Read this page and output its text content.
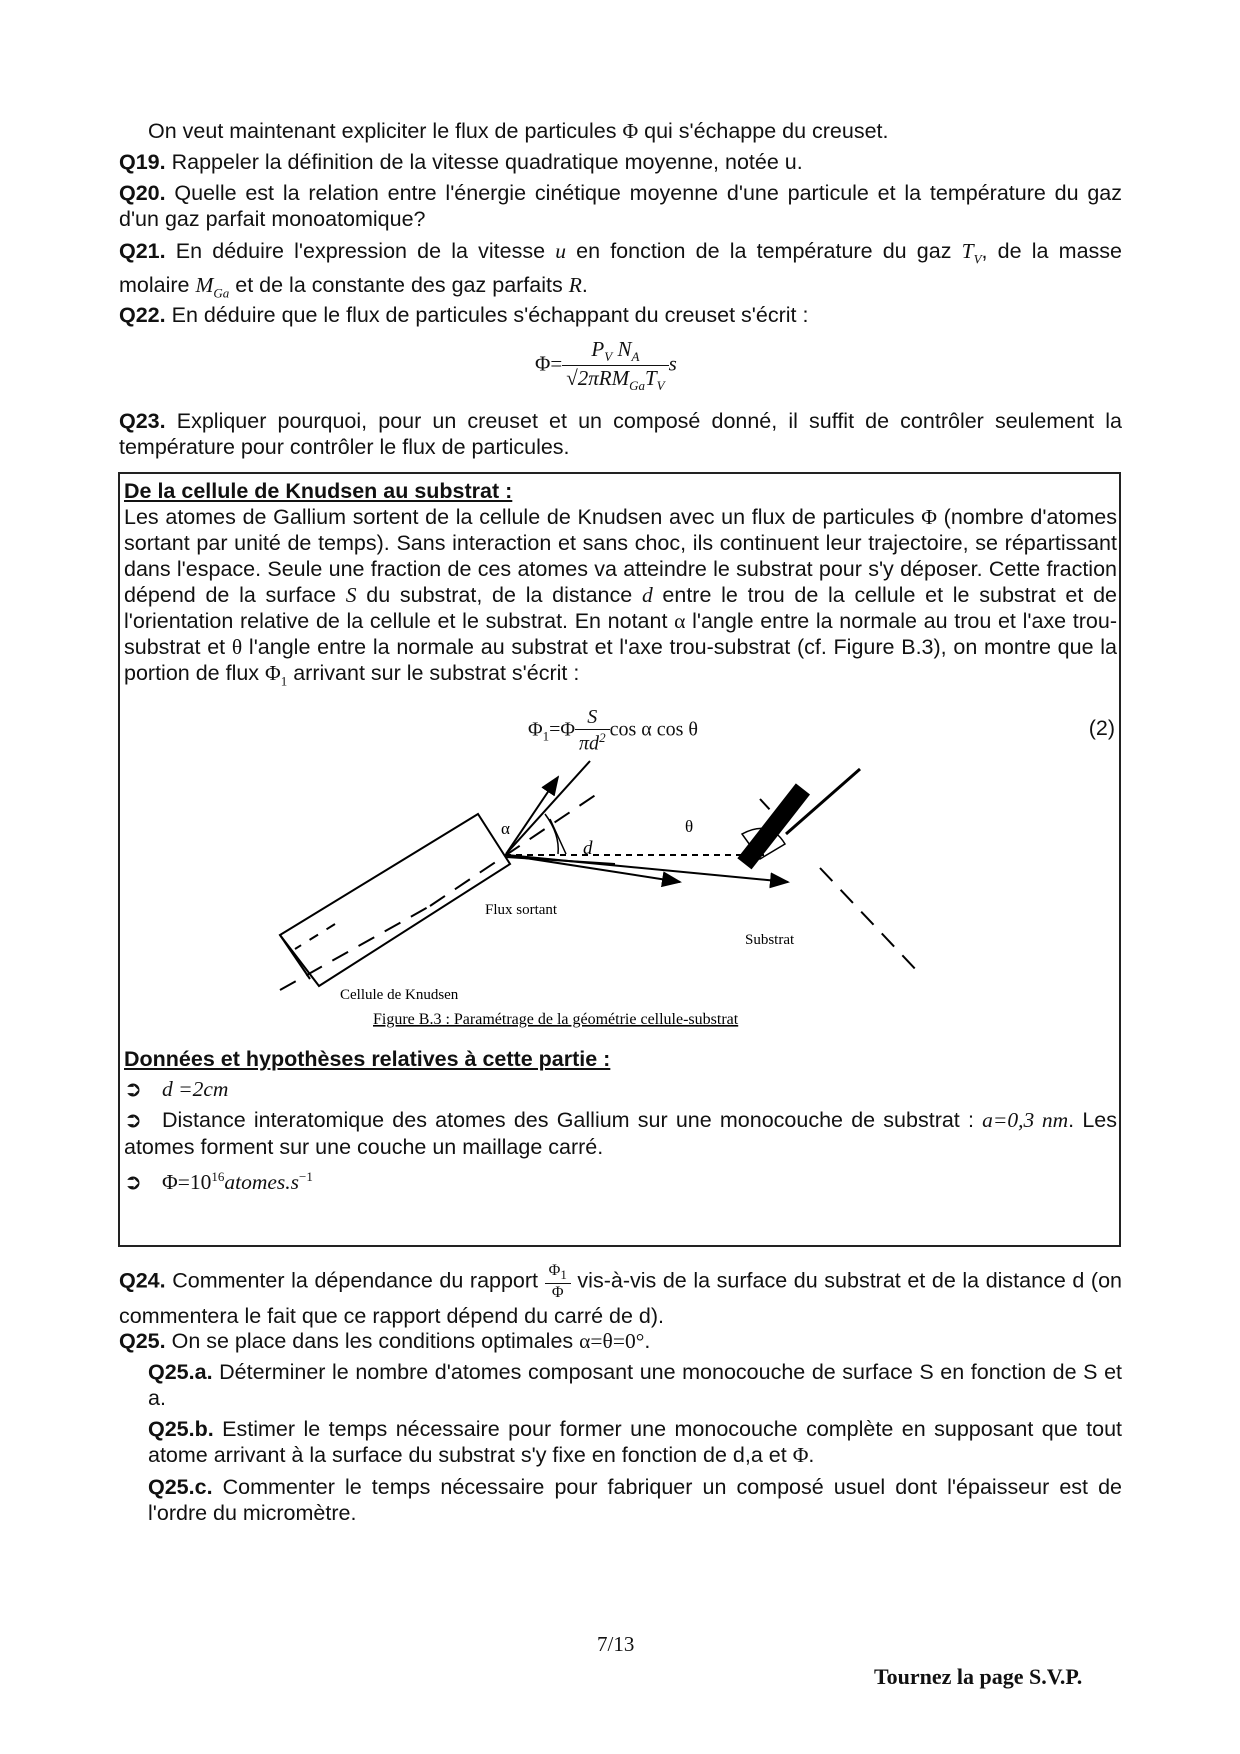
On veut maintenant expliciter le flux de particules Φ qui s'échappe du creuset.
Q19. Rappeler la définition de la vitesse quadratique moyenne, notée u.
Q20. Quelle est la relation entre l'énergie cinétique moyenne d'une particule et la température du gaz d'un gaz parfait monoatomique?
Q21. En déduire l'expression de la vitesse u en fonction de la température du gaz $T_V$, de la masse molaire $M_{Ga}$ et de la constante des gaz parfaits R.
Q22. En déduire que le flux de particules s'échappant du creuset s'écrit :
$\Phi= \frac{P_V N_A}{√2\pi RM_{Ga}T_V}$ s
Q23. Expliquer pourquoi, pour un creuset et un composé donné, il suffit de contrôler seulement la température pour contrôler le flux de particules.
De la cellule de Knudsen au substrat :
Les atomes de Gallium sortent de la cellule de Knudsen avec un flux de particules Φ (nombre d'atomes sortant par unité de temps). Sans interaction et sans choc, ils continuent leur trajectoire, se répartissant dans l'espace. Seule une fraction de ces atomes va atteindre le substrat pour s'y déposer. Cette fraction dépend de la surface S du substrat, de la distance d entre le trou de la cellule et le substrat et de l'orientation relative de la cellule et le substrat. En notant α l'angle entre la normale au trou et l'axe trou-substrat et θ l'angle entre la normale au substrat et l'axe trou-substrat (cf. Figure B.3), on montre que la portion de flux $\Phi_1$ arrivant sur le substrat s'écrit :
$\Phi_1=\Phi \frac{S}{\pi d^2}$ cos α cos θ	(2)
α
d
θ
Flux sortant
Substrat
Cellule de Knudsen
Figure B.3 : Paramétrage de la géométrie cellule-substrat
Données et hypothèses relatives à cette partie :
➲ d =2cm
➲ Distance interatomique des atomes des Gallium sur une monocouche de substrat : a=0,3 nm. Les atomes forment sur une couche un maillage carré.
➲ $\Phi=10^{16}atomes.s^{-1}$
Q24. Commenter la dépendance du rapport $\frac{\Phi_1}{\Phi}$ vis-à-vis de la surface du substrat et de la distance d (on commentera le fait que ce rapport dépend du carré de d).
Q25. On se place dans les conditions optimales α=θ=0°.
Q25.a. Déterminer le nombre d'atomes composant une monocouche de surface S en fonction de S et a.
Q25.b. Estimer le temps nécessaire pour former une monocouche complète en supposant que tout atome arrivant à la surface du substrat s'y fixe en fonction de d,a et Φ.
Q25.c. Commenter le temps nécessaire pour fabriquer un composé usuel dont l'épaisseur est de l'ordre du micromètre.
7/13
Tournez la page S.V.P.
